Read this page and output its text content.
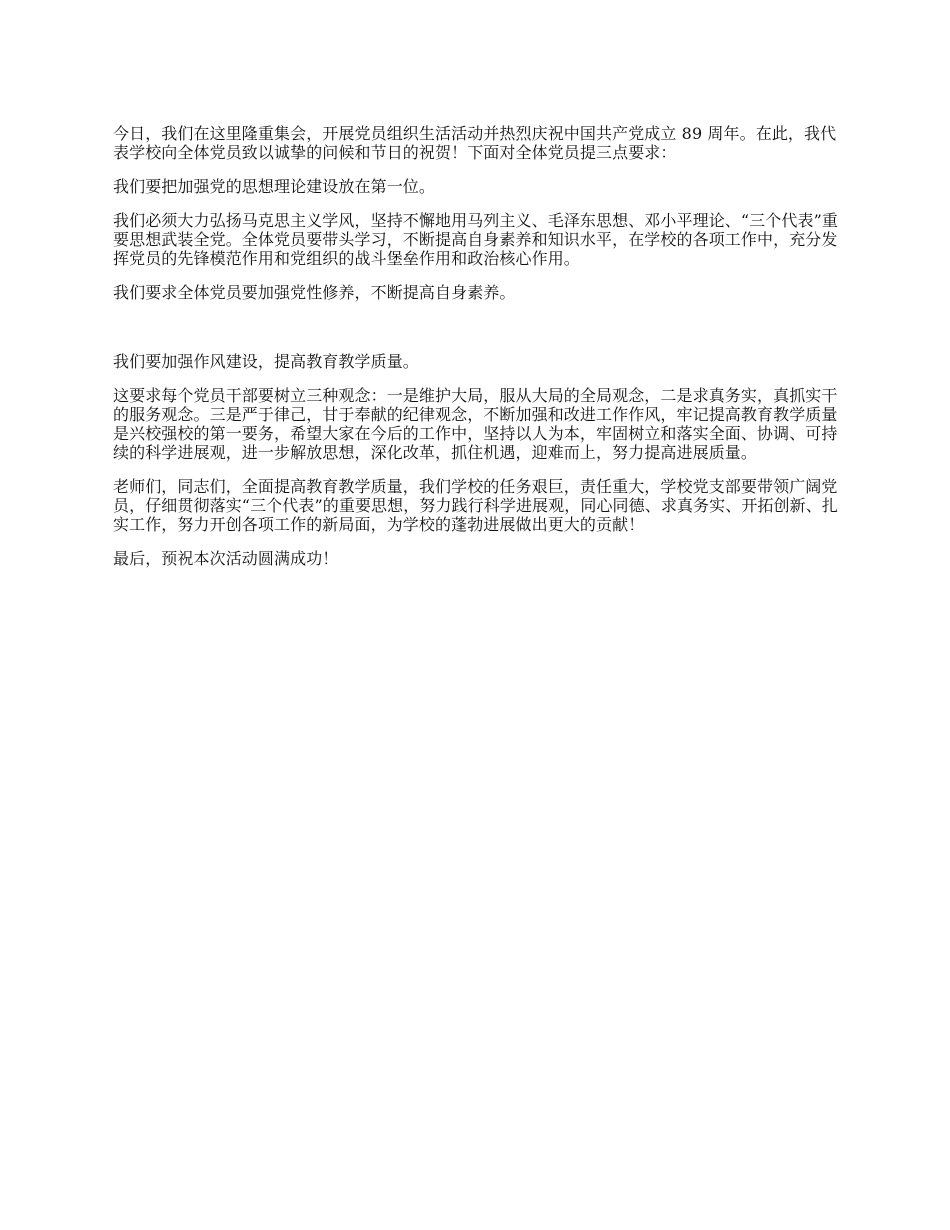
今日，我们在这里隆重集会，开展党员组织生活活动并热烈庆祝中国共产党成立 89 周年。在此，我代表学校向全体党员致以诚挚的问候和节日的祝贺！下面对全体党员提三点要求：

我们要把加强党的思想理论建设放在第一位。

我们必须大力弘扬马克思主义学风，坚持不懈地用马列主义、毛泽东思想、邓小平理论、“三个代表”重要思想武装全党。全体党员要带头学习，不断提高自身素养和知识水平，在学校的各项工作中，充分发挥党员的先锋模范作用和党组织的战斗堡垒作用和政治核心作用。

我们要求全体党员要加强党性修养，不断提高自身素养。

我们要加强作风建设，提高教育教学质量。

这要求每个党员干部要树立三种观念：一是维护大局，服从大局的全局观念，二是求真务实，真抓实干的服务观念。三是严于律己，甘于奉献的纪律观念，不断加强和改进工作作风，牢记提高教育教学质量是兴校强校的第一要务，希望大家在今后的工作中，坚持以人为本，牢固树立和落实全面、协调、可持续的科学进展观，进一步解放思想，深化改革，抓住机遇，迎难而上，努力提高进展质量。

老师们，同志们，全面提高教育教学质量，我们学校的任务艰巨，责任重大，学校党支部要带领广阔党员，仔细贯彻落实“三个代表”的重要思想，努力践行科学进展观，同心同德、求真务实、开拓创新、扎实工作，努力开创各项工作的新局面，为学校的蓬勃进展做出更大的贡献！

最后，预祝本次活动圆满成功！
